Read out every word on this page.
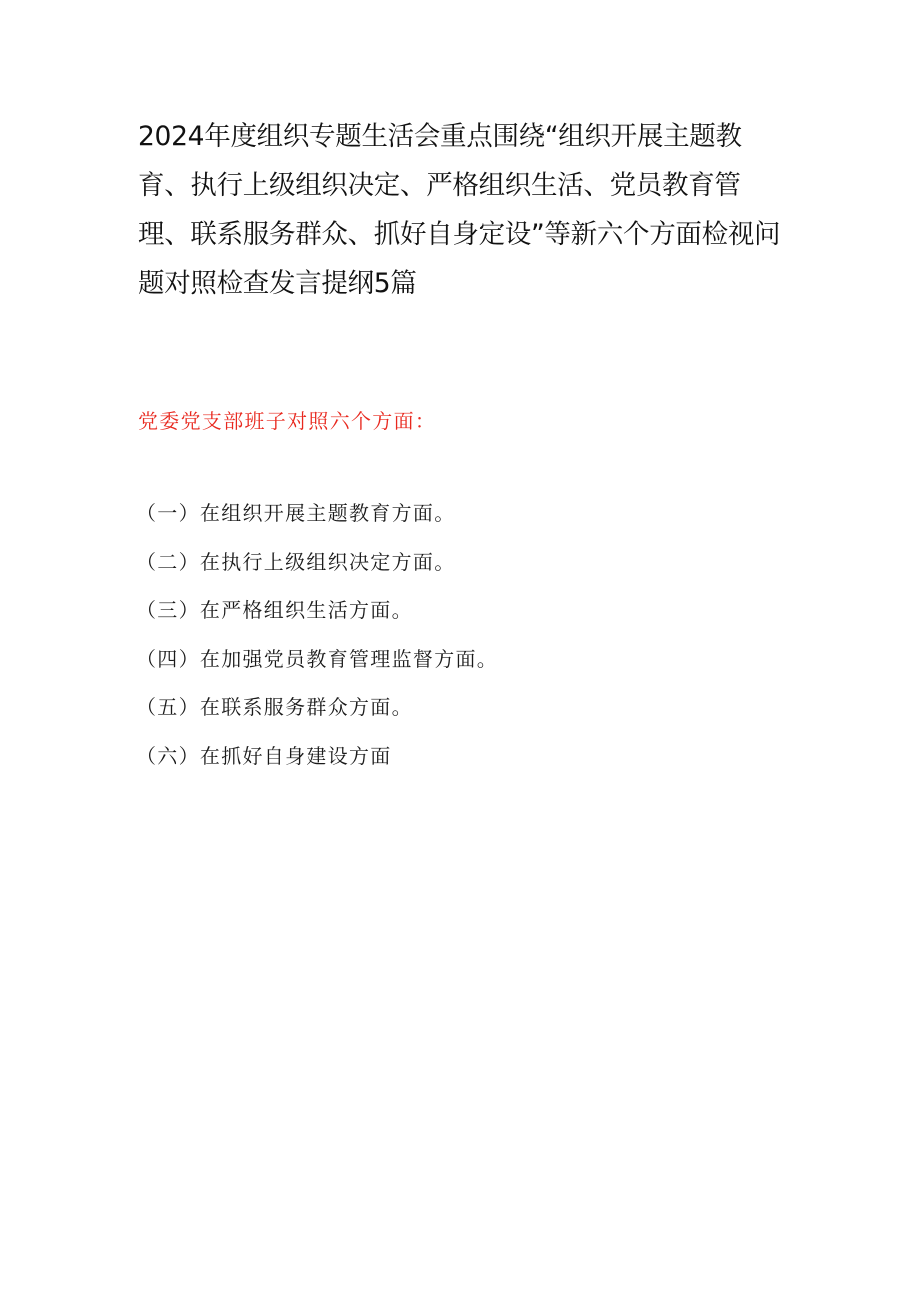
2024年度组织专题生活会重点围绕“组织开展主题教育、执行上级组织决定、严格组织生活、党员教育管理、联系服务群众、抓好自身定设”等新六个方面检视问题对照检查发言提纲5篇

党委党支部班子对照六个方面：

（一）在组织开展主题教育方面。
（二）在执行上级组织决定方面。
（三）在严格组织生活方面。
（四）在加强党员教育管理监督方面。
（五）在联系服务群众方面。
（六）在抓好自身建设方面
